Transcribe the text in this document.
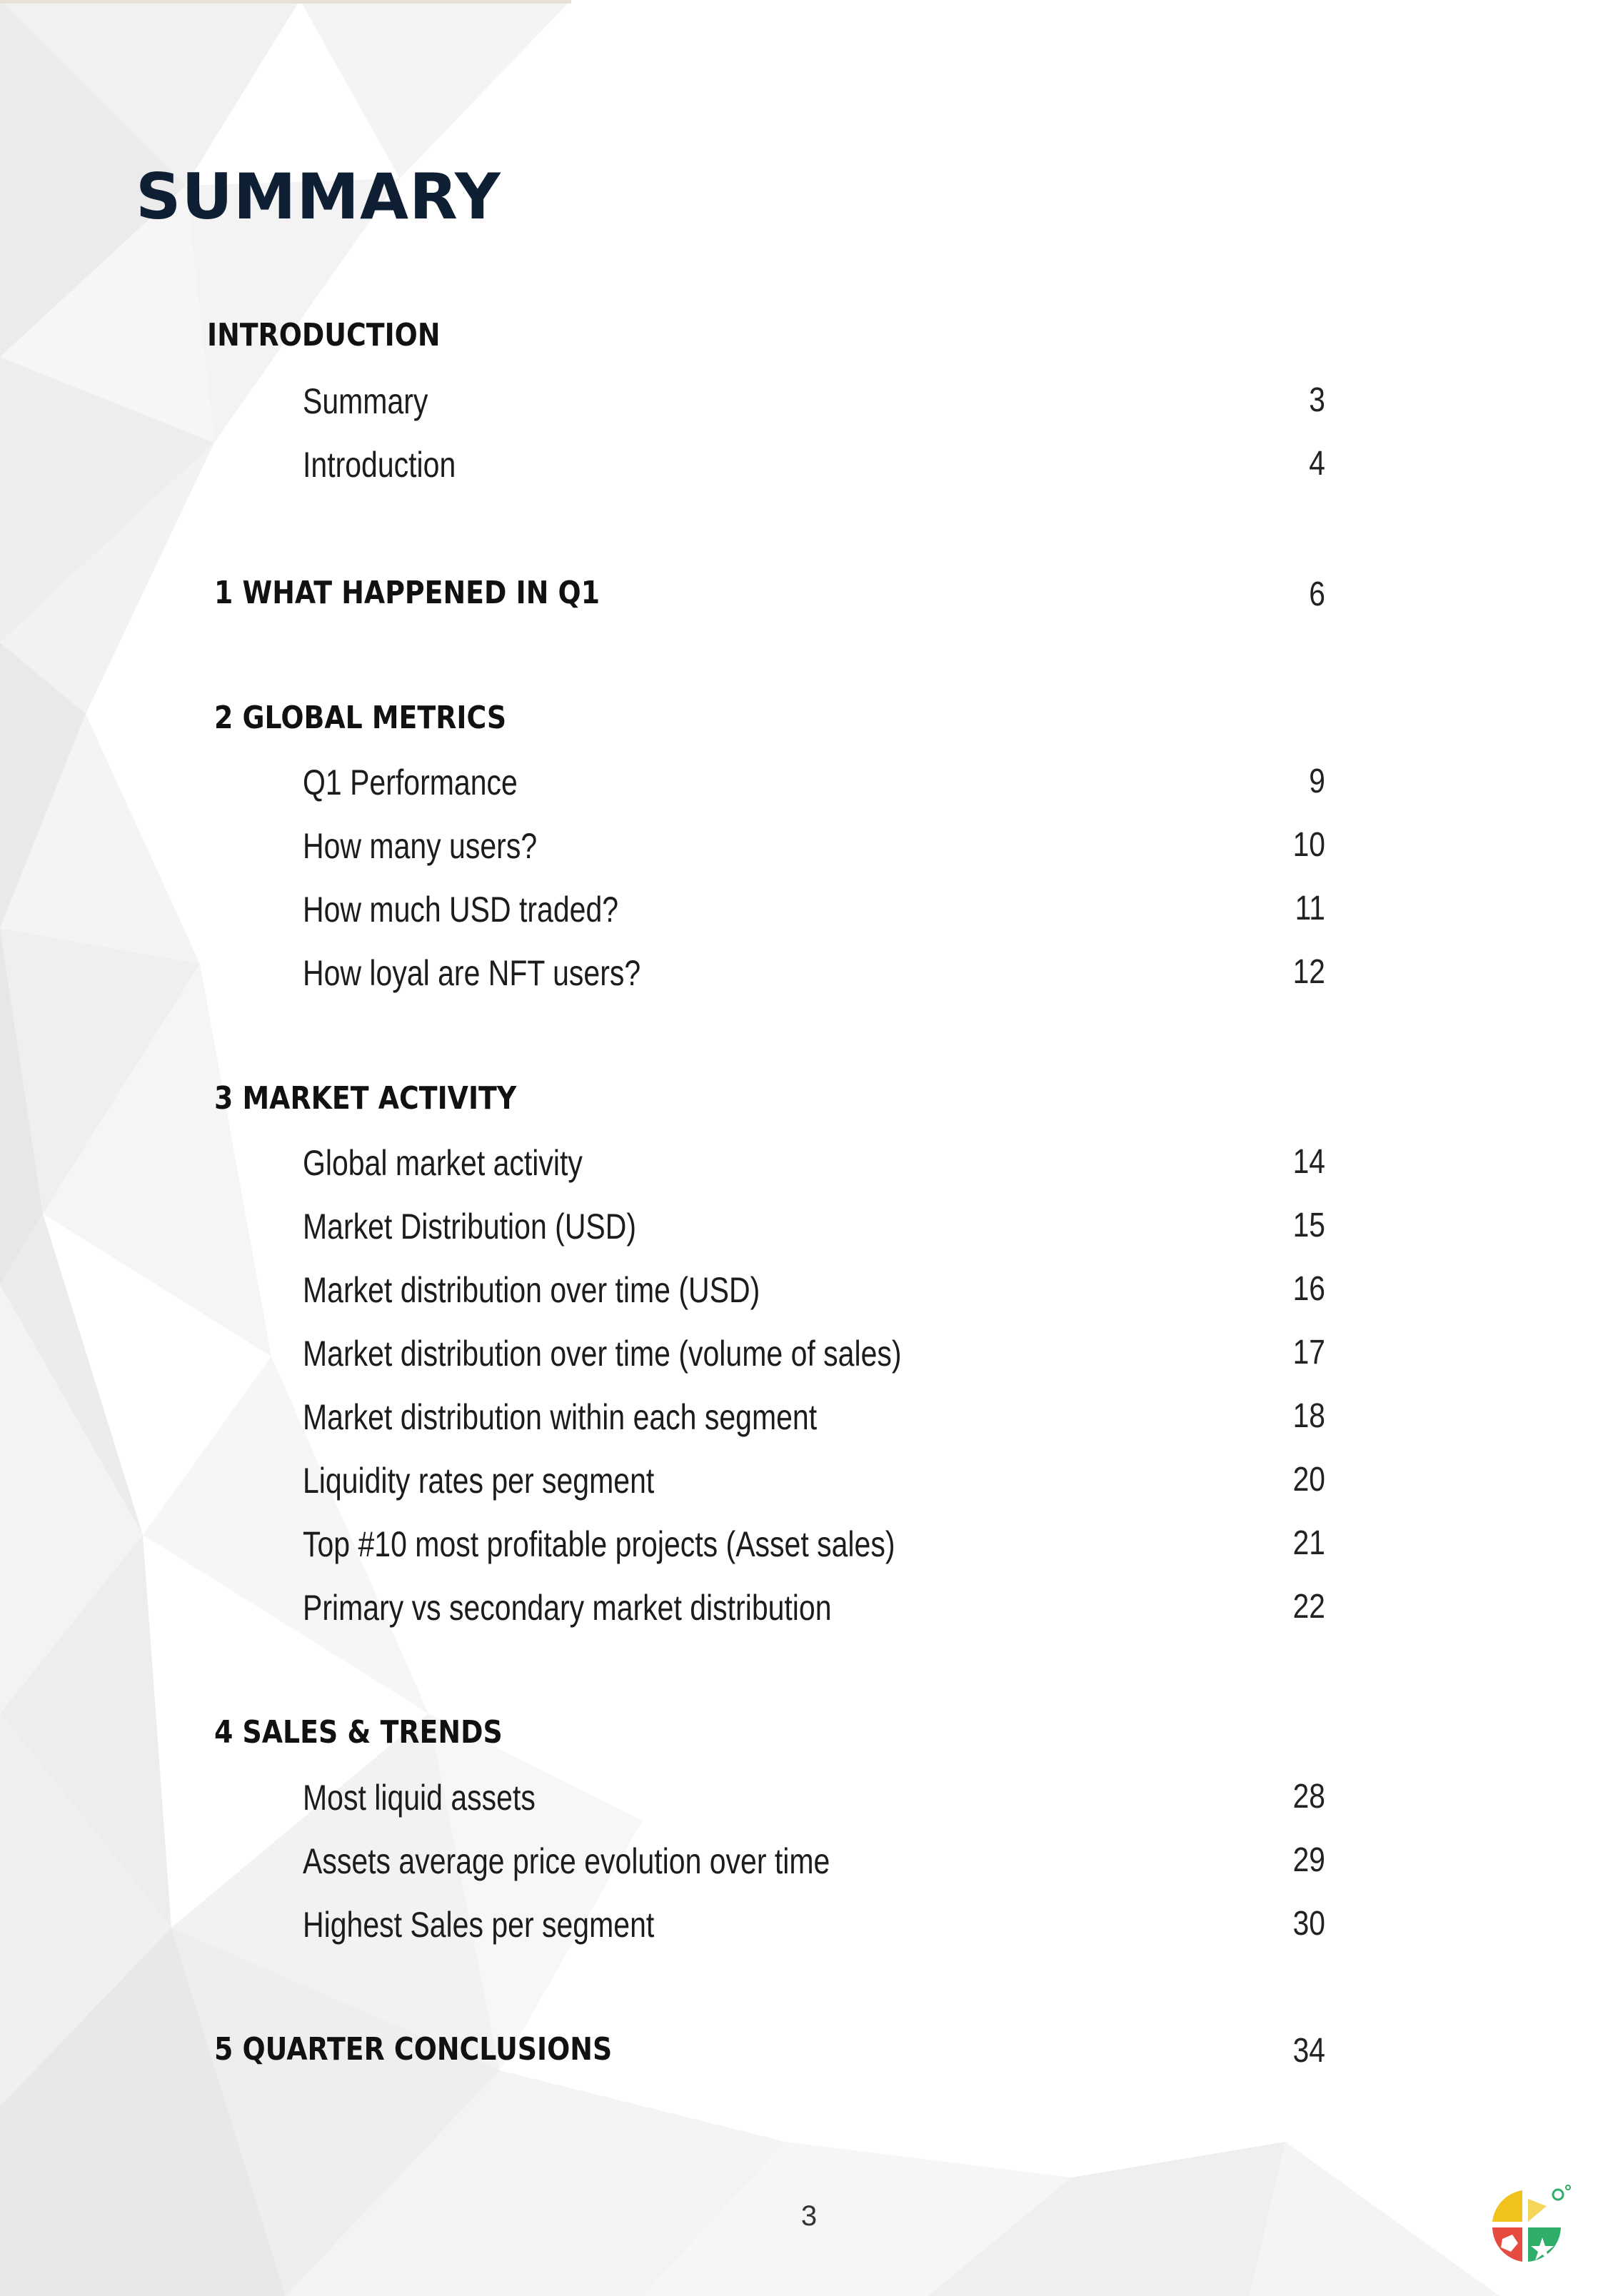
SUMMARY
INTRODUCTION
Summary	3
Introduction	4
1 WHAT HAPPENED IN Q1	6
2 GLOBAL METRICS
Q1 Performance	9
How many users?	10
How much USD traded?	11
How loyal are NFT users?	12
3 MARKET ACTIVITY
Global market activity	14
Market Distribution (USD)	15
Market distribution over time (USD)	16
Market distribution over time (volume of sales)	17
Market distribution within each segment	18
Liquidity rates per segment	20
Top #10 most profitable projects (Asset sales)	21
Primary vs secondary market distribution	22
4 SALES & TRENDS
Most liquid assets	28
Assets average price evolution over time	29
Highest Sales per segment	30
5 QUARTER CONCLUSIONS	34
3
